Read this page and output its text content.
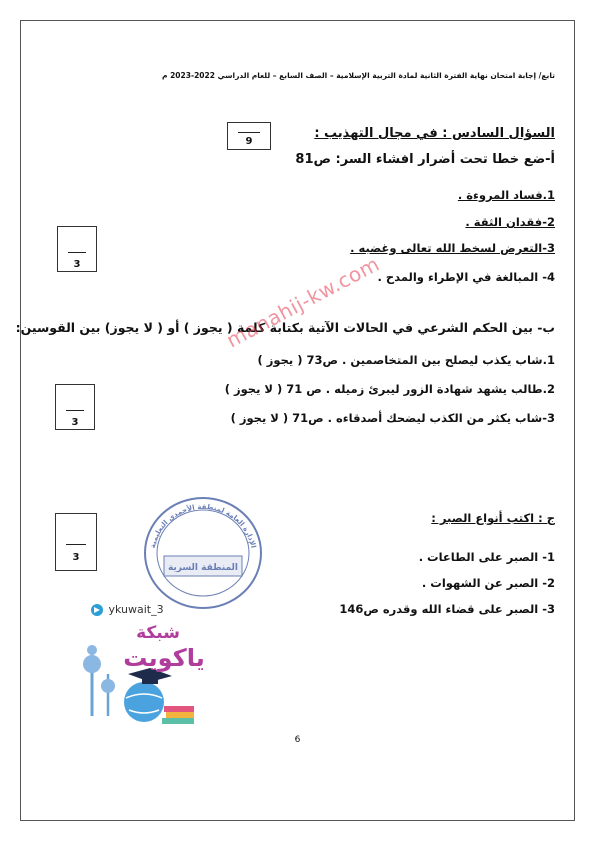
تابع/ إجابة امتحان نهاية الفترة الثانية لمادة التربية الإسلامية – الصف السابع – للعام الدراسي 2022-2023 م
9
السؤال السادس : في مجال التهذيب :
أ-ضع خطا تحت أضرار افشاء السر: ص81
1.فساد المروءة .
2-فقدان الثقة .
3-التعرض لسخط الله تعالى وغضبه .
4- المبالغة في الإطراء والمدح .
3
ب- بين الحكم الشرعي في الحالات الآتية بكتابة كلمة ( يجوز ) أو ( لا يجوز) بين القوسين:
1.شاب يكذب ليصلح بين المتخاصمين . ص73 ( يجوز )
2.طالب يشهد شهادة الزور ليبرئ زميله . ص 71 ( لا يجوز )
3-شاب يكثر من الكذب ليضحك أصدقاءه . ص71 ( لا يجوز )
3
manahij-kw.com
ج : اكتب أنواع الصبر :
1- الصبر على الطاعات .
2- الصبر عن الشهوات .
3- الصبر على قضاء الله وقدره ص146
3
الإدارة العامة لمنطقة الأحمدي التعليمية
المنطقة السرية
ykuwait_3
شبكة
ياكويت
6
